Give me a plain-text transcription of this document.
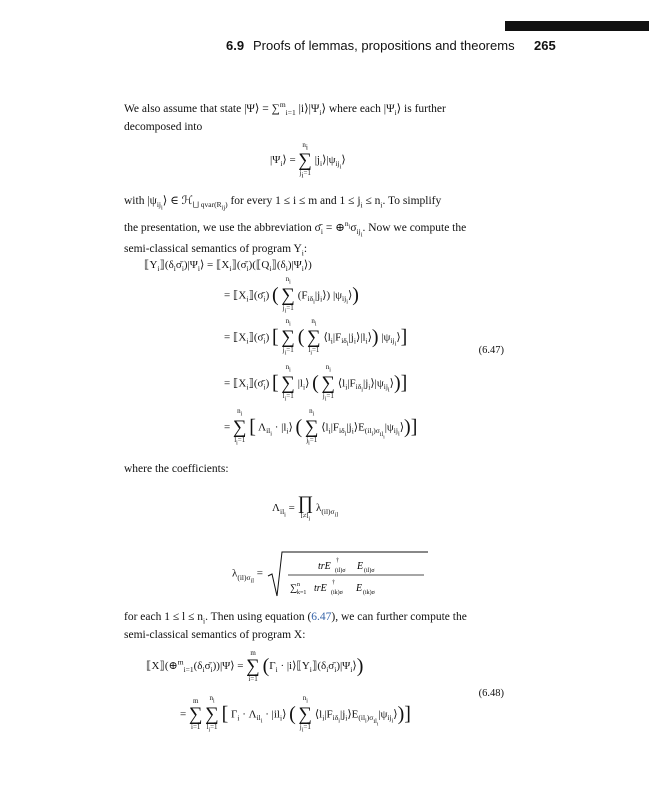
6.9 Proofs of lemmas, propositions and theorems 265
We also assume that state |Ψ⟩ = ∑$^m_{i=1}$ $|i⟩|\Psi_i⟩$ where each $|\Psi_i⟩$ is further
decomposed into
$|\Psi_i⟩$ =
$n_i$
∑
$j_i=1$
$|j_i⟩|\psi_{ij_i}⟩$
with $|\psi_{ij_i}⟩$ ∈ ℋ$_{⨆ qvar(R_{ij})}$ for every 1 ≤ i ≤ m and $1 \le j_i \le n_i$. To simplify
the presentation, we use the abbreviation $\sigmā_i$ = $\oplus^{n_i}\sigma_{ij_i}$. Now we compute the
semi-classical semantics of program $Y_i$:
$⟦Y_i⟧(\delta_i\sigmā_i)|\Psi_i⟩$ = $⟦X_i⟧(\sigmā_i)(⟦Q_i⟧(\delta_i)|\Psi_i⟩)$
= $⟦X_i⟧(\sigmā_i)$ (
$n_i$
∑
$j_i=1$
$(F_{i\delta_i}|j_i⟩)$ $|\psi_{ij_i}⟩$)
= $⟦X_i⟧(\sigmā_i)$ [
$n_i$
∑
$j_i=1$
(
$n_i$
∑
$l_i=1$
$⟨l_i|F_{i\delta_i}|j_i⟩|l_i⟩$) $|\psi_{ij_i}⟩$]
(6.47)
= $⟦X_i⟧(\sigmā_i)$ [
$n_i$
∑
$l_i=1$
$|l_i⟩$ (
$n_i$
∑
$j_i=1$
$⟨l_i|F_{i\delta_i}|j_i⟩|\psi_{ij_i}⟩$)]
=
$n_i$
∑
$l_i=1$
[ $\Lambda_{il_i}$ · $|l_i⟩$ (
$n_i$
∑
$j_i=1$
$⟨l_i|F_{i\delta_i}|j_i⟩E_{(il_i)\sigma_{il_i}}|\psi_{ij_i}⟩$)]
where the coefficients:
$\Lambda_{il_i}$ = ∏
$l\ne l_i$
$\lambda_{(il)\sigma_{il}}$
$\lambda_{(il)\sigma_{il}}$ =
trE †
(il)σ E (il)σ
∑ n
k=1 trE †
(ik)σ E (ik)σ
for each $1 \le l \le n_i$. Then using equation (6.47), we can further compute the
semi-classical semantics of program X:
$⟦X⟧(\oplus^m_{i=1}(\delta_i\sigmā_i))|\Psi⟩$ =
m
∑
i=1
($\Gamma_i$ · $|i⟩⟦Y_i⟧(\delta_i\sigmā_i)|\Psi_i⟩$)
(6.48)
=
m
∑
i=1

$n_i$
∑
$l_i=1$
[ $\Gamma_i \cdot \Lambda_{il_i}$ · $|il_i⟩$ (
$n_i$
∑
$j_i=1$
$⟨l_i|F_{i\delta_i}|j_i⟩E_{(il_i)\sigma_{il_i}}|\psi_{ij_i}⟩$)]
